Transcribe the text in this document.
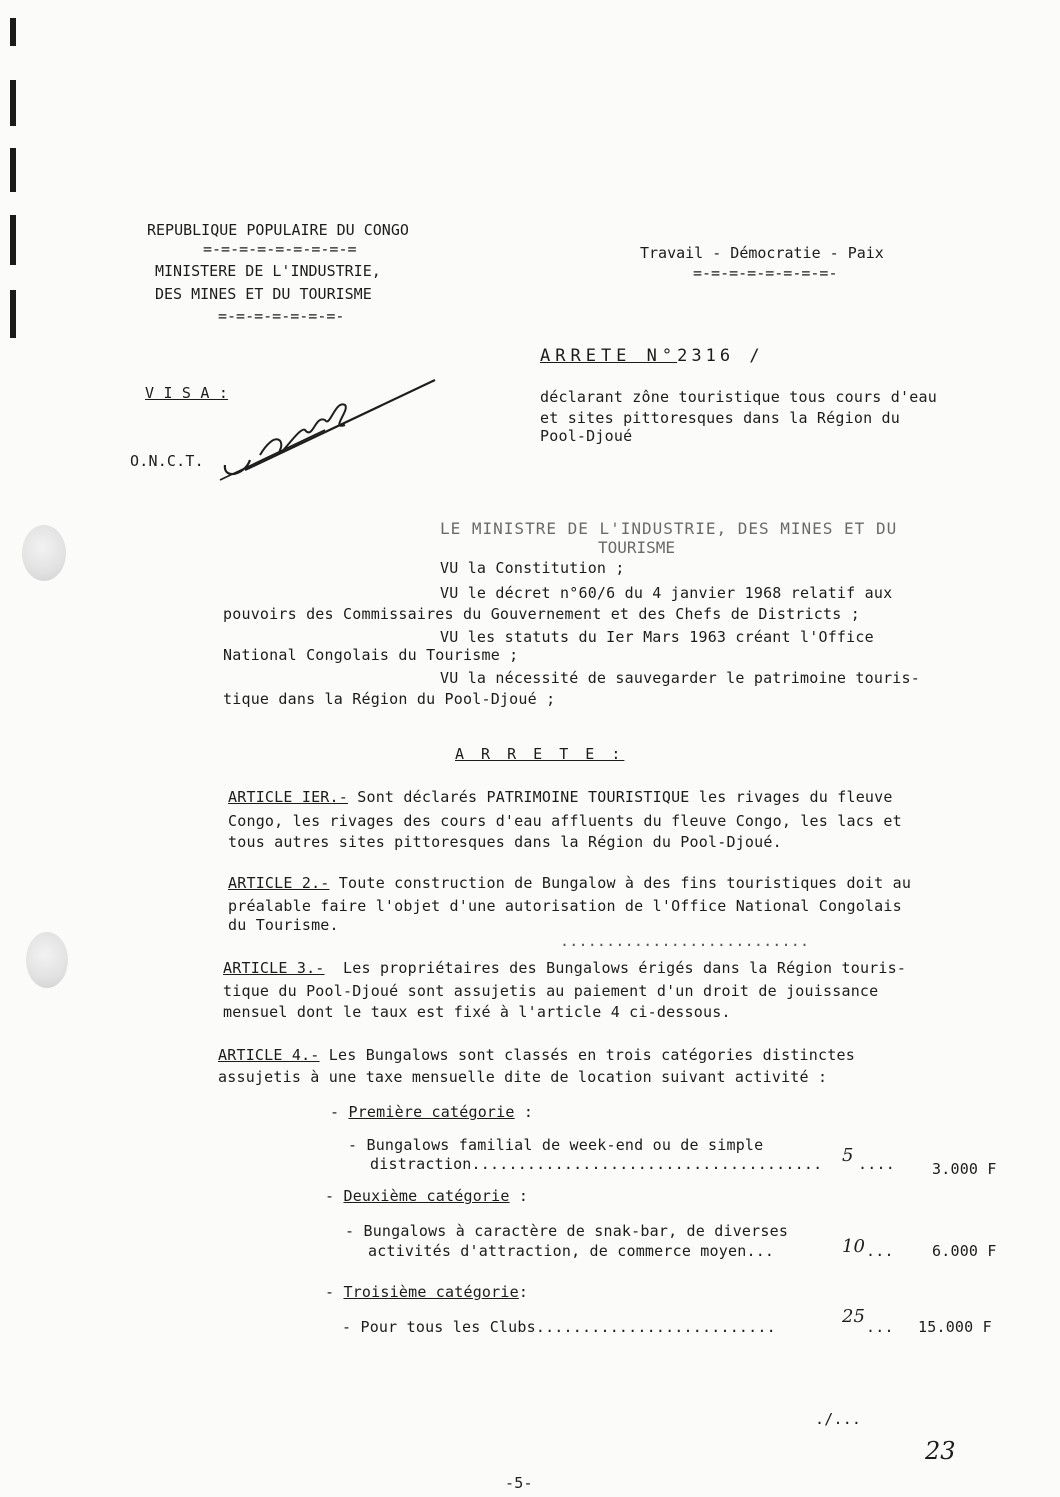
REPUBLIQUE POPULAIRE DU CONGO
=-=-=-=-=-=-=-=-=
MINISTERE DE L'INDUSTRIE,
DES MINES ET DU TOURISME
=-=-=-=-=-=-=-
Travail - Démocratie - Paix
=-=-=-=-=-=-=-=-
ARRETE N°2316 /
déclarant zône touristique tous cours d'eau
et sites pittoresques dans la Région du
Pool-Djoué
V I S A :
O.N.C.T.
LE MINISTRE DE L'INDUSTRIE, DES MINES ET DU
TOURISME
VU la Constitution ;
VU le décret n°60/6 du 4 janvier 1968 relatif aux
pouvoirs des Commissaires du Gouvernement et des Chefs de Districts ;
VU les statuts du Ier Mars 1963 créant l'Office
National Congolais du Tourisme ;
VU la nécessité de sauvegarder le patrimoine touris-
tique dans la Région du Pool-Djoué ;
A R R E T E :
ARTICLE IER.- Sont déclarés PATRIMOINE TOURISTIQUE les rivages du fleuve
Congo, les rivages des cours d'eau affluents du fleuve Congo, les lacs et
tous autres sites pittoresques dans la Région du Pool-Djoué.
ARTICLE 2.- Toute construction de Bungalow à des fins touristiques doit au
préalable faire l'objet d'une autorisation de l'Office National Congolais
du Tourisme.
...........................
ARTICLE 3.- Les propriétaires des Bungalows érigés dans la Région touris-
tique du Pool-Djoué sont assujetis au paiement d'un droit de jouissance
mensuel dont le taux est fixé à l'article 4 ci-dessous.
ARTICLE 4.- Les Bungalows sont classés en trois catégories distinctes
assujetis à une taxe mensuelle dite de location suivant activité :
- Première catégorie :
- Bungalows familial de week-end ou de simple
distraction...................................... 5 .... 3.000 F
- Deuxième catégorie :
- Bungalows à caractère de snak-bar, de diverses
activités d'attraction, de commerce moyen...	10 ...	6.000 F
- Troisième catégorie:
- Pour tous les Clubs..........................	25 ... 15.000 F
./...
23
-5-
